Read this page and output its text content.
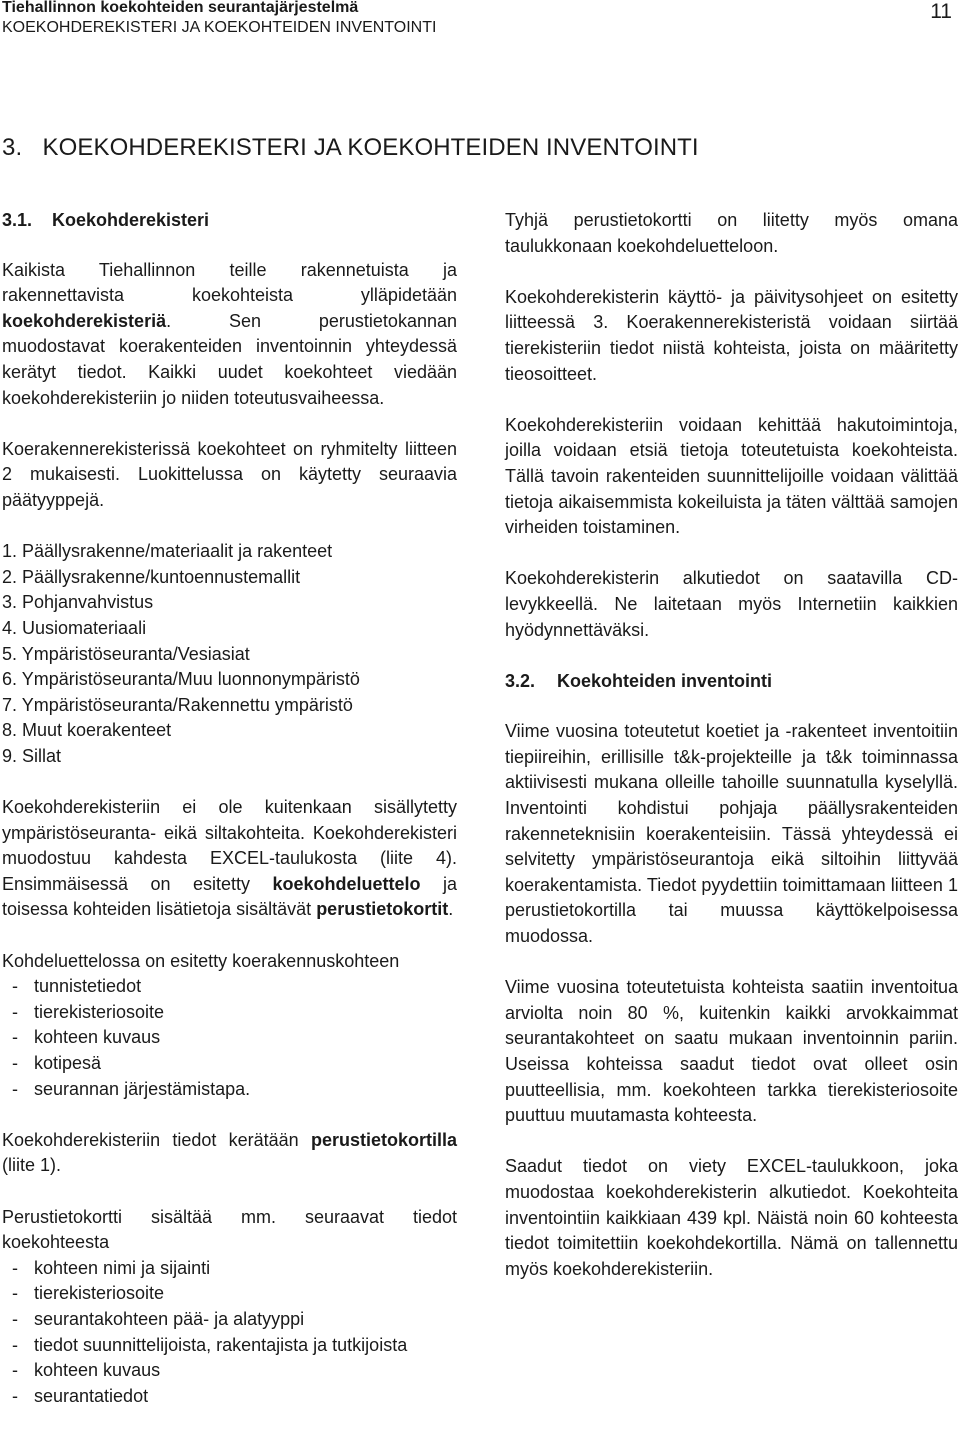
Tiehallinnon koekohteiden seurantajärjestelmä
KOEKOHDEREKISTERI JA KOEKOHTEIDEN INVENTOINTI
11
3.   KOEKOHDEREKISTERI JA KOEKOHTEIDEN INVENTOINTI
3.1. Koekohderekisteri

Kaikista Tiehallinnon teille rakennetuista ja rakennettavista koekohteista ylläpidetään koekohderekisteriä. Sen perustietokannan muodostavat koerakenteiden inventoinnin yhteydessä kerätyt tiedot. Kaikki uudet koekohteet viedään koekohderekisteriin jo niiden toteutusvaiheessa.

Koerakennerekisterissä koekohteet on ryhmitelty liitteen 2 mukaisesti. Luokittelussa on käytetty seuraavia päätyyppejä.

1. Päällysrakenne/materiaalit ja rakenteet
2. Päällysrakenne/kuntoennustemallit
3. Pohjanvahvistus
4. Uusiomateriaali
5. Ympäristöseuranta/Vesiasiat
6. Ympäristöseuranta/Muu luonnonympäristö
7. Ympäristöseuranta/Rakennettu ympäristö
8. Muut koerakenteet
9. Sillat

Koekohderekisteriin ei ole kuitenkaan sisällytetty ympäristöseuranta- eikä siltakohteita. Koekohderekisteri muodostuu kahdesta EXCEL-taulukosta (liite 4). Ensimmäisessä on esitetty koekohdeluettelo ja toisessa kohteiden lisätietoja sisältävät perustietokortit.

Kohdeluettelossa on esitetty koerakennuskohteen

- tunnistetiedot
- tierekisteriosoite
- kohteen kuvaus
- kotipesä
- seurannan järjestämistapa.

Koekohderekisteriin tiedot kerätään perustietokortilla (liite 1).

Perustietokortti sisältää mm. seuraavat tiedot koekohteesta

- kohteen nimi ja sijainti
- tierekisteriosoite
- seurantakohteen pää- ja alatyyppi
- tiedot suunnittelijoista, rakentajista ja tutkijoista
- kohteen kuvaus
- seurantatiedot

Tyhjä perustietokortti on liitetty myös omana taulukkonaan koekohdeluetteloon.

Koekohderekisterin käyttö- ja päivitysohjeet on esitetty liitteessä 3. Koerakennerekisteristä voidaan siirtää tierekisteriin tiedot niistä kohteista, joista on määritetty tieosoitteet.

Koekohderekisteriin voidaan kehittää hakutoimintoja, joilla voidaan etsiä tietoja toteutetuista koekohteista. Tällä tavoin rakenteiden suunnittelijoille voidaan välittää tietoja aikaisemmista kokeiluista ja täten välttää samojen virheiden toistaminen.

Koekohderekisterin alkutiedot on saatavilla CD-levykkeellä. Ne laitetaan myös Internetiin kaikkien hyödynnettäväksi.

3.2. Koekohteiden inventointi

Viime vuosina toteutetut koetiet ja -rakenteet inventoitiin tiepiireihin, erillisille t&k-projekteille ja t&k toiminnassa aktiivisesti mukana olleille tahoille suunnatulla kyselyllä. Inventointi kohdistui pohjaja päällysrakenteiden rakenneteknisiin koerakenteisiin. Tässä yhteydessä ei selvitetty ympäristöseurantoja eikä siltoihin liittyvää koerakentamista. Tiedot pyydettiin toimittamaan liitteen 1 perustietokortilla tai muussa käyttökelpoisessa muodossa.

Viime vuosina toteutetuista kohteista saatiin inventoitua arviolta noin 80 %, kuitenkin kaikki arvokkaimmat seurantakohteet on saatu mukaan inventoinnin pariin. Useissa kohteissa saadut tiedot ovat olleet osin puutteellisia, mm. koekohteen tarkka tierekisteriosoite puuttuu muutamasta kohteesta.

Saadut tiedot on viety EXCEL-taulukkoon, joka muodostaa koekohderekisterin alkutiedot. Koekohteita inventointiin kaikkiaan 439 kpl. Näistä noin 60 kohteesta tiedot toimitettiin koekohdekortilla. Nämä on tallennettu myös koekohderekisteriin.
